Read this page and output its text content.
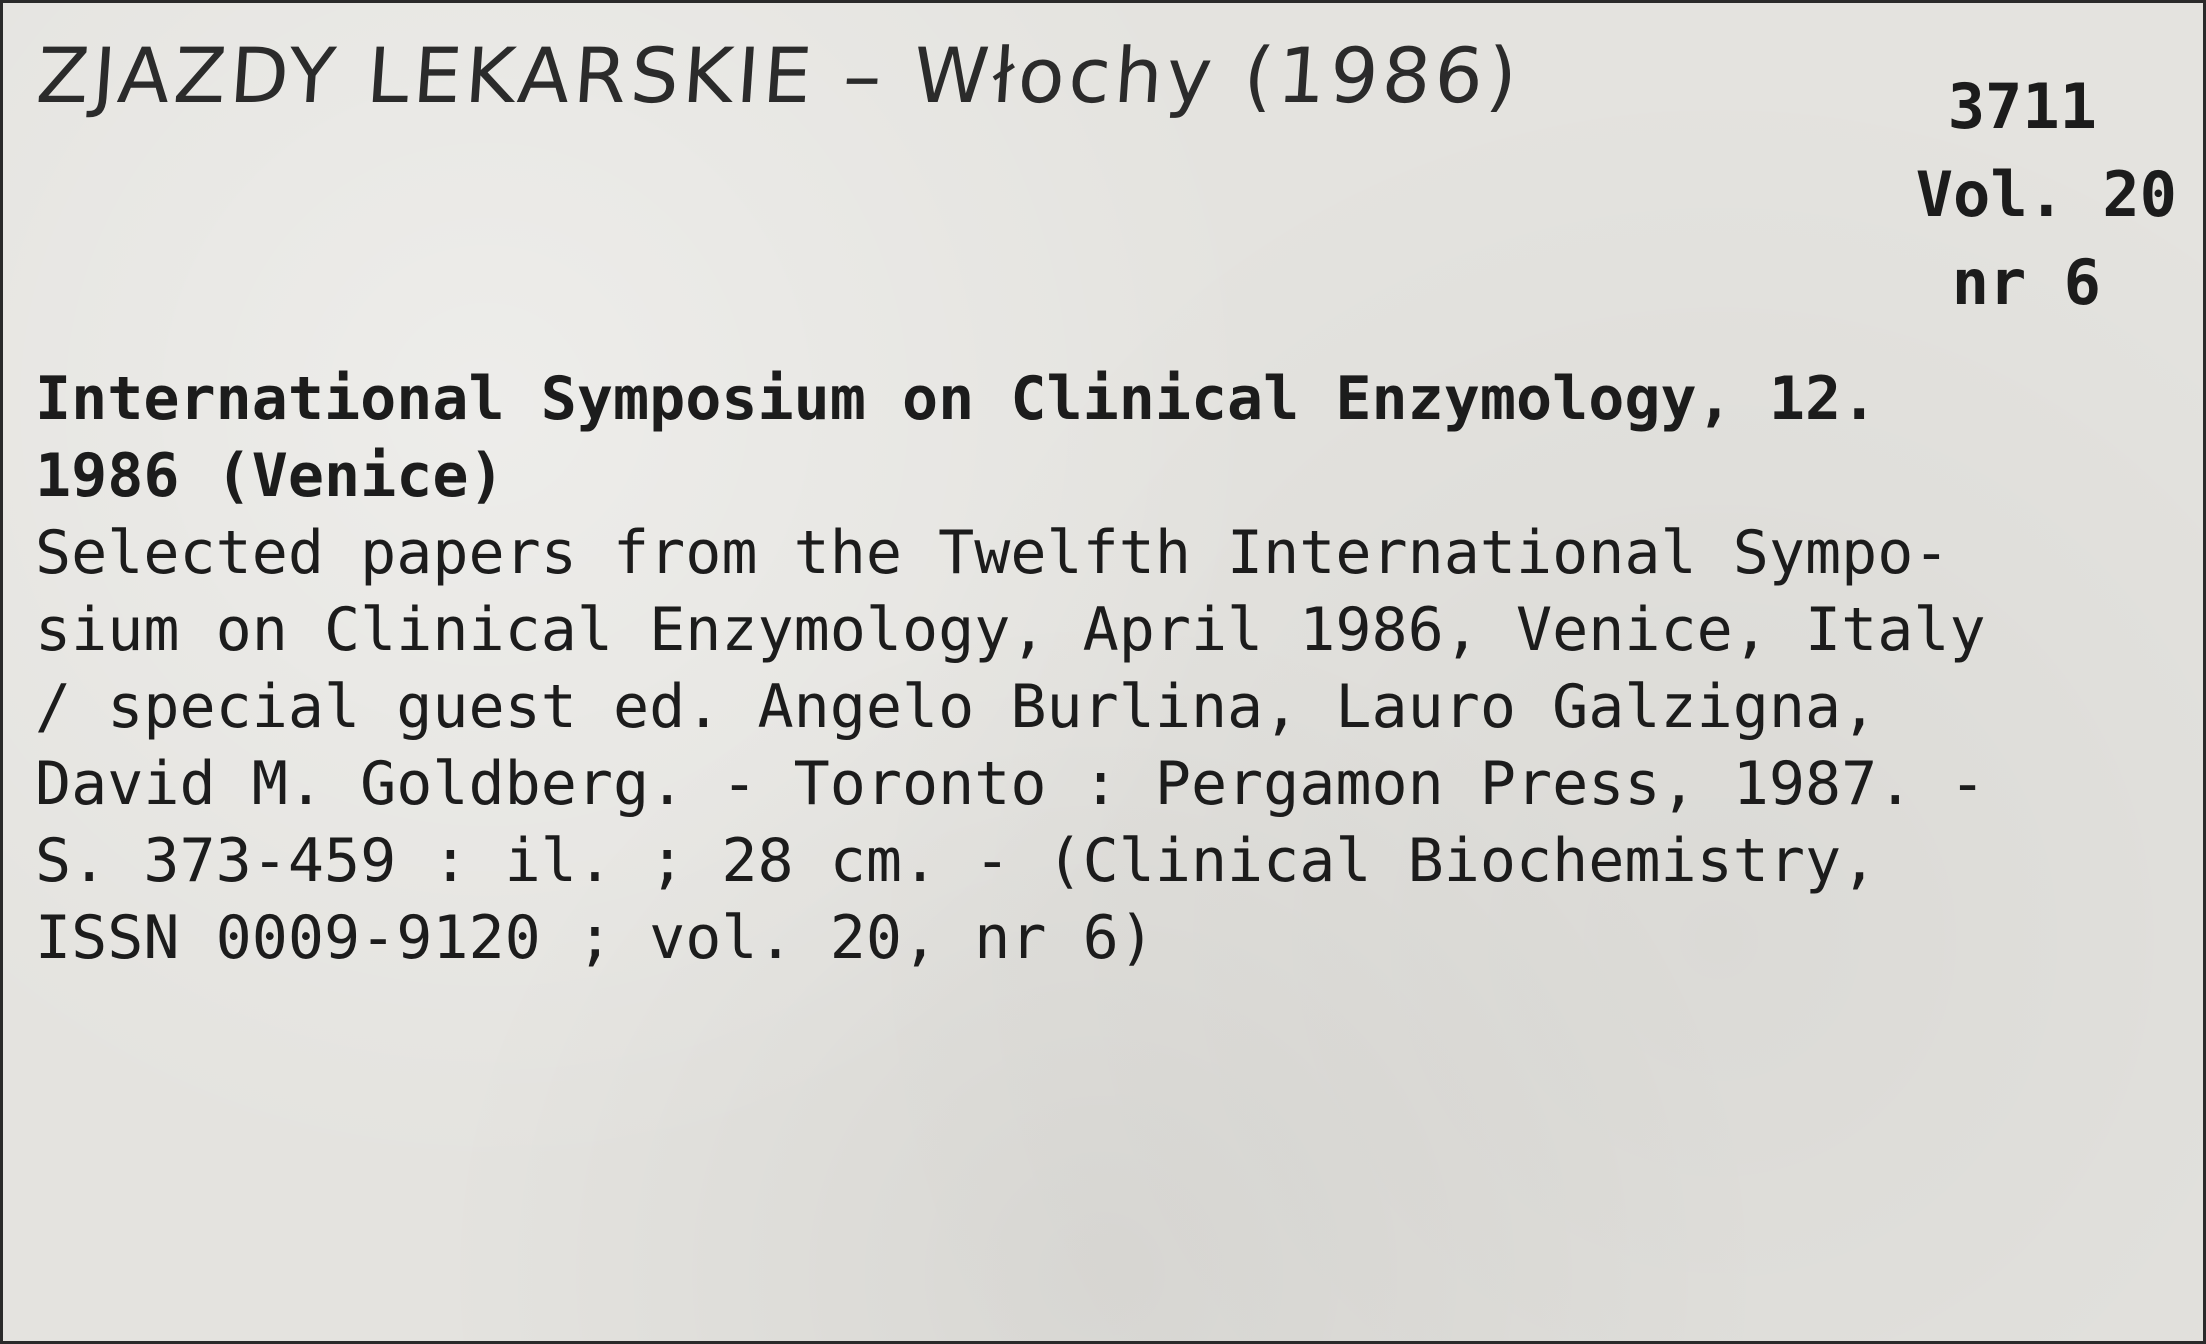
ZJAZDY LEKARSKIE – Włochy (1986)	3711
Vol. 20
nr 6
International Symposium on Clinical Enzymology, 12.
1986 (Venice)
Selected papers from the Twelfth International Sympo-
sium on Clinical Enzymology, April 1986, Venice, Italy
/ special guest ed. Angelo Burlina, Lauro Galzigna,
David M. Goldberg. - Toronto : Pergamon Press, 1987. -
S. 373-459 : il. ; 28 cm. - (Clinical Biochemistry,
ISSN 0009-9120 ; vol. 20, nr 6)
